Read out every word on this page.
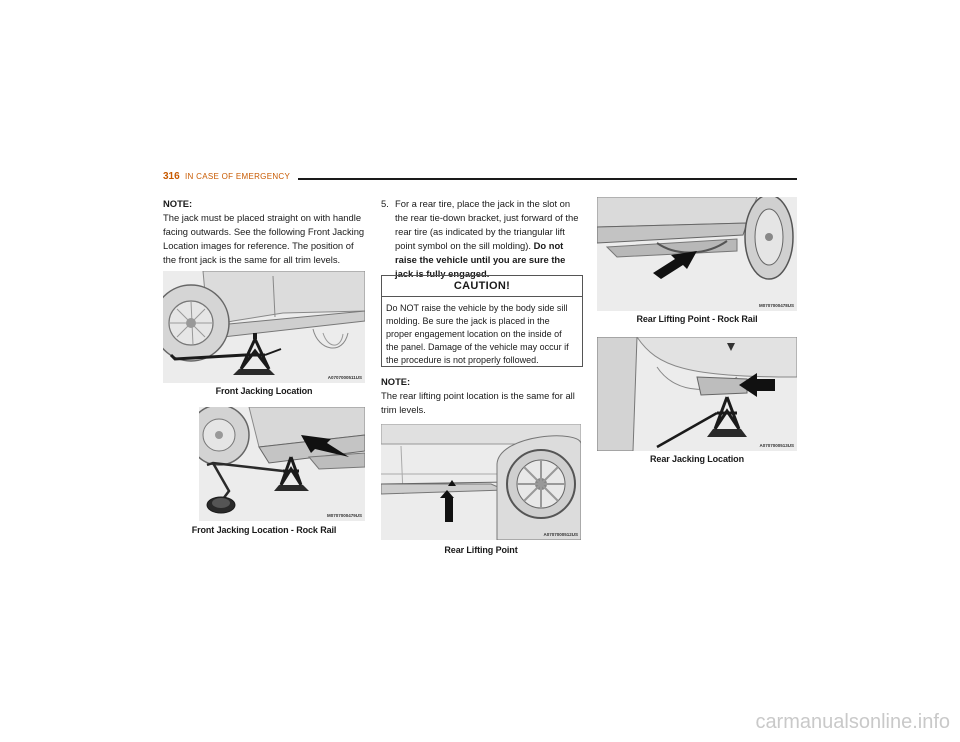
316 IN CASE OF EMERGENCY
NOTE:
The jack must be placed straight on with handle facing outwards. See the following Front Jacking Location images for reference. The position of the front jack is the same for all trim levels.
A0707000511US
Front Jacking Location
M0707000479US
Front Jacking Location - Rock Rail
5. For a rear tire, place the jack in the slot on the rear tie-down bracket, just forward of the rear tire (as indicated by the triangular lift point symbol on the sill molding). Do not raise the vehicle until you are sure the jack is fully engaged.
CAUTION!
Do NOT raise the vehicle by the body side sill molding. Be sure the jack is placed in the proper engagement location on the inside of the panel. Damage of the vehicle may occur if the procedure is not properly followed.
NOTE:
The rear lifting point location is the same for all trim levels.
A0707000512US
Rear Lifting Point
M0707000478US
Rear Lifting Point - Rock Rail
A0707000513US
Rear Jacking Location
carmanualsonline.info
